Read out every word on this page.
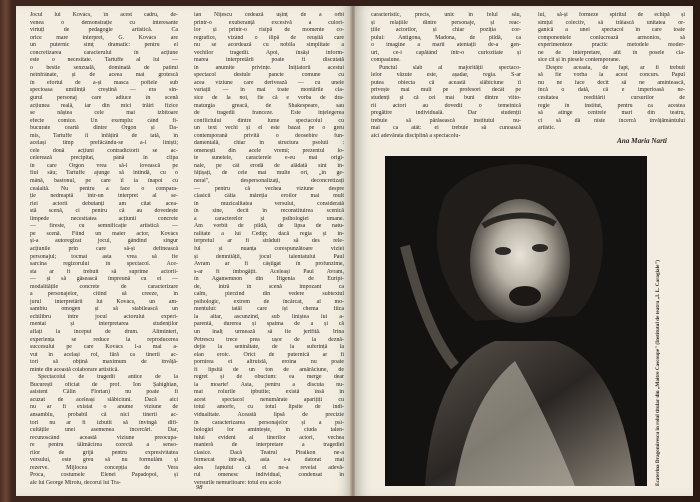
Jocul lui Kovács, în acest cadru, de-
venea o demonstrație cu interesante
virtuți de pedagogie artistică. Ca
orice mare interpret, G. Kovács are
un puternic simț dramatic: pentru el
concretizarea caracterului în acțiune
este o necesitate. Tartuffe al lui —
o bestie senzuală, dominată de patimi
neînfrânate, și de aceea mai grotescă
în efortul de a-și masca pofiele sub
specioasa umilință creștină — era sin-
gurul personaj care adiuce în scenă
acțiunea reală, iar din mici trăiri fizice
se năștea cele mai izbitoare
efecte comice. Un exemplu: când fi-
bucurate ceartă dintre Orgon și Da-
mis, Tartuffe îi înfățiră de tată, în
același timp prefăcându-se a-l liniști;
cele două acțiuni contradictorii se ac-
celerează precipitat, până în clipa
în care Orgon vrea să-l lovească pe
fiul său; Tartuffe ajunge să întindă, cu o
mână, bastonul, pe care îl ia înapoi cu
cealaltă. Nu pentru a face o compara-
ție nedreaptă într-un interpret al se-
riei actorii debutanți am citat acea-
stă scenă, ci pentru că au dovedește
limpede necesitatea acțiunii concrete
— fireste, cu semnificație artistică —
pe scenă. Fiind un maier actor, Kovács
și-a autoregizat jocul, gândind singur
acțiunile prin care să-și definească
personajul; tocmai asta vrea să fie
sarcina regizorului în spectacol. Ace-
sta ar fi trebuit să suprime actorii-
— și să găsească împreună cu ei —
modalitățile concrete de caracterizare
a personajelor, citind să creeze, în
jurul interpretării lui Kovács, un am-
sambiu omogen și să stabilească un
echilibru între jocul actorului experi-
mentat și interpretarea studenților
aflați la început de drum. Altminteri,
experiența se reduce la reproducerea
succesului pe care Kovács l-a mai a-
vut în același rol, fără ca tinerii ac-
tori să obțină maximum de învăță-
minte din această colaborare artistică.
Spectacolul de tragedii antice de la
București oficiat de prof. Ion Șahighian,
asistent Călin Florian) nu poate fi
acuzat de aceleași slăbiciuni. Dacă aici
nu ar fi existat o anume viziune de
ansamblu, probabil că nici tinerii ac-
tori nu ar fi izbutit să învingă difi-
cultățile unei asemenea încercări. Dar,
recunoscând această viziune preocupa-
re pentru tălmăcirea corectă a senso-
rilor de grijă pentru expresivitatea
versului, este greu să nu formulăm și
rezerve. Mijlocea concepția de Vera
Proca, costumele Elenei Papadopol, și
ale lui George Miroiu, decorul lui Tra-
ian Nițescu cedează ușinț de a orbi
printr-o exuberanță excesivă a culori-
lor și printr-o risipă de momente co-
regrafice, vizând o ilipă de reușită care
nu se acordează cu nobila simplitate a
vechilor tragedii. Apoi, însăși inform-
marea interpretării poate fi discutată
în anumite privințe. Inițiatorii acestui
spectacol destule pancte comune cu
acea viziune care derivează — cu unele
variații — în mai toate montările cla-
sice de la noi, fie că e vorba de dra-
maturgia greacă, de Shakespeare, sau
de tragedii franceze. Este înțelegerea
conflictului dintre lume spectacolul cu
un text vechi și el este bazat pe o greu
contemporană privită o deosebire fun-
damentală, chiar în structura psoluii :
omenești din acele vremi; prezentul lo-
te sunetele, caracterele e-eu mai origi-
nale, pe cât erodă de alădată sint în-
fățișați, de cele mai multe ori, „în ge-
neral", despersonalizați, deconcretizați
— pentru că vechea viziune despre
clasicii câtia măreția eroilor mai mult
în muzicalitatea versului, considerată
în sine, decît în reconstituirea scenică
a caracterelor și psihologiei umane.
Am vorbit de pildă, de lipsa de natu-
ralitate a lui Cedip; dacă regia și in-
terpretul ar fi străduit să des rele-
ful și nuanța corespunzătoare viziei
și demnității, jocul talentatului Paul
Avram ar fi câștigat în profunzime,
s-ar fi îmbogățit. Aceleași Paul Avram,
în Agamemnon din Ifigenia de Euripi-
de, intră în scenă impozant ca
calm, pierzind din vedere subtextul
psihologic, extrem de încărcat, al mo-
mentului: tatăl care își chema fiica
la altar, ascunzind, sub liniștea lui a-
parentă, durerea și spaima de a și că
un înalț urmează să fie jertfită. Irina
Petrescu trece prea ușor de la deznă-
dejie la seninătate, de la suferință la
elan eroic. Orict de puternică ar fi
pornirea ei altruistă, eroina nu poate
fi lipsită de un ton de amărăciune, de
regret și de obucium: ea merge dear
la moarte! Asta, pentru a discuta nu-
mai rolurile ipbutite; există însă în
acest spectacol nenumărate aparițiți cu
totul amorfe, cu totul lipsite de indi-
vidualitate. Această lipsă de precizie
în caracterizarea personajelor și a psi-
hologiei lor amintește, în ciuda talen-
tului evident al tinerilor actori, vechea
manieră de interpretare a tragediei
clasice. Dacă Teatrul Piraikon ne-a
fermecat într-alt, asta s-a datorat mai
ales faptului că el ne-a revelat adevă-
rul omenesc individual, condensat în
versurile nemuritoare: totul era acolo
98
caracteristic, precis, unic în felul său,
și relațiile dintre personaje, și reac-
țiile actorilor, și chiar poziția cor-
pului: Antigona, Madona, de pildă, ca
o imagine a marii atentații de-a gen-
uri, ce-i capătând într-o curiozitate și
compasiune.
Punctul slab al majorității spectaco-
lelor văzute este, așadar, regia. S-ar
putea obiecta că această slăbiciune îi
privește mai mult pe profesori decât pe
studenți și că cei mai buni dintre viito-
rii actori au dovedit o temeinică
pregătire individuală. Dar studenții
trebuie să părăsească institutul nu-
mai ca atât: ei trebuie să cunoască
aici adevărata disciplină a spectacolu-
lui, să-și formeze spiritul de echipă și
simțul colectiv, să trăiască unitatea or-
ganică a unei spectacol în care toate
componentele conlucrează armonios, să
experimenteze practic metodele moder-
ne de interpretare, atît în posele cla-
sice cît și în piesele contemporane.
Despre aceasta, de fapt, ar fi trebuit
să fie vorba la acest concurs. Papul
nu ne face decît să ne amintească,
încă o dată, că e imperioasă ne-
cesitatea reeditării cursurilor de
regie în institut, pentru ca acestea
să atinge centrele mari din teatru,
ci să dă niste încercă învățământului
artistic.
Ana Maria Narti
Ecaterina Dragomirescu în rolul titular din „Maitre Cascoupe" (Institutul de teatru „I. L. Caragiale")
